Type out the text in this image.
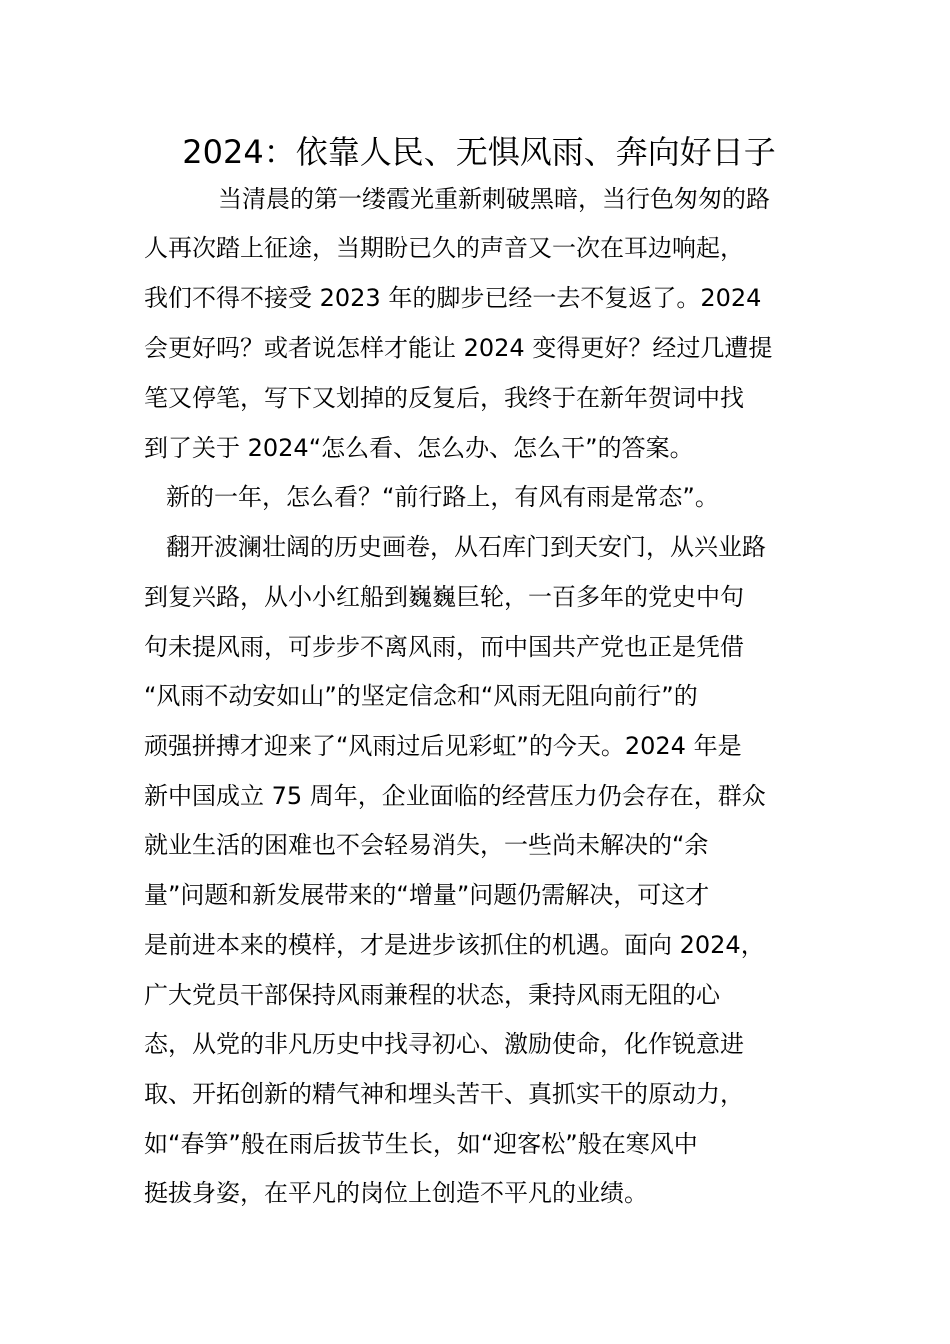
2024：依靠人民、无惧风雨、奔向好日子
当清晨的第一缕霞光重新刺破黑暗，当行色匆匆的路
人再次踏上征途，当期盼已久的声音又一次在耳边响起，
我们不得不接受 2023 年的脚步已经一去不复返了。2024
会更好吗？或者说怎样才能让 2024 变得更好？经过几遭提
笔又停笔，写下又划掉的反复后，我终于在新年贺词中找
到了关于 2024“怎么看、怎么办、怎么干”的答案。
新的一年，怎么看？“前行路上，有风有雨是常态”。
翻开波澜壮阔的历史画卷，从石库门到天安门，从兴业路
到复兴路，从小小红船到巍巍巨轮，一百多年的党史中句
句未提风雨，可步步不离风雨，而中国共产党也正是凭借
“风雨不动安如山”的坚定信念和“风雨无阻向前行”的
顽强拼搏才迎来了“风雨过后见彩虹”的今天。2024 年是
新中国成立 75 周年，企业面临的经营压力仍会存在，群众
就业生活的困难也不会轻易消失，一些尚未解决的“余
量”问题和新发展带来的“增量”问题仍需解决，可这才
是前进本来的模样，才是进步该抓住的机遇。面向 2024，
广大党员干部保持风雨兼程的状态，秉持风雨无阻的心
态，从党的非凡历史中找寻初心、激励使命，化作锐意进
取、开拓创新的精气神和埋头苦干、真抓实干的原动力，
如“春笋”般在雨后拔节生长，如“迎客松”般在寒风中
挺拔身姿，在平凡的岗位上创造不平凡的业绩。
